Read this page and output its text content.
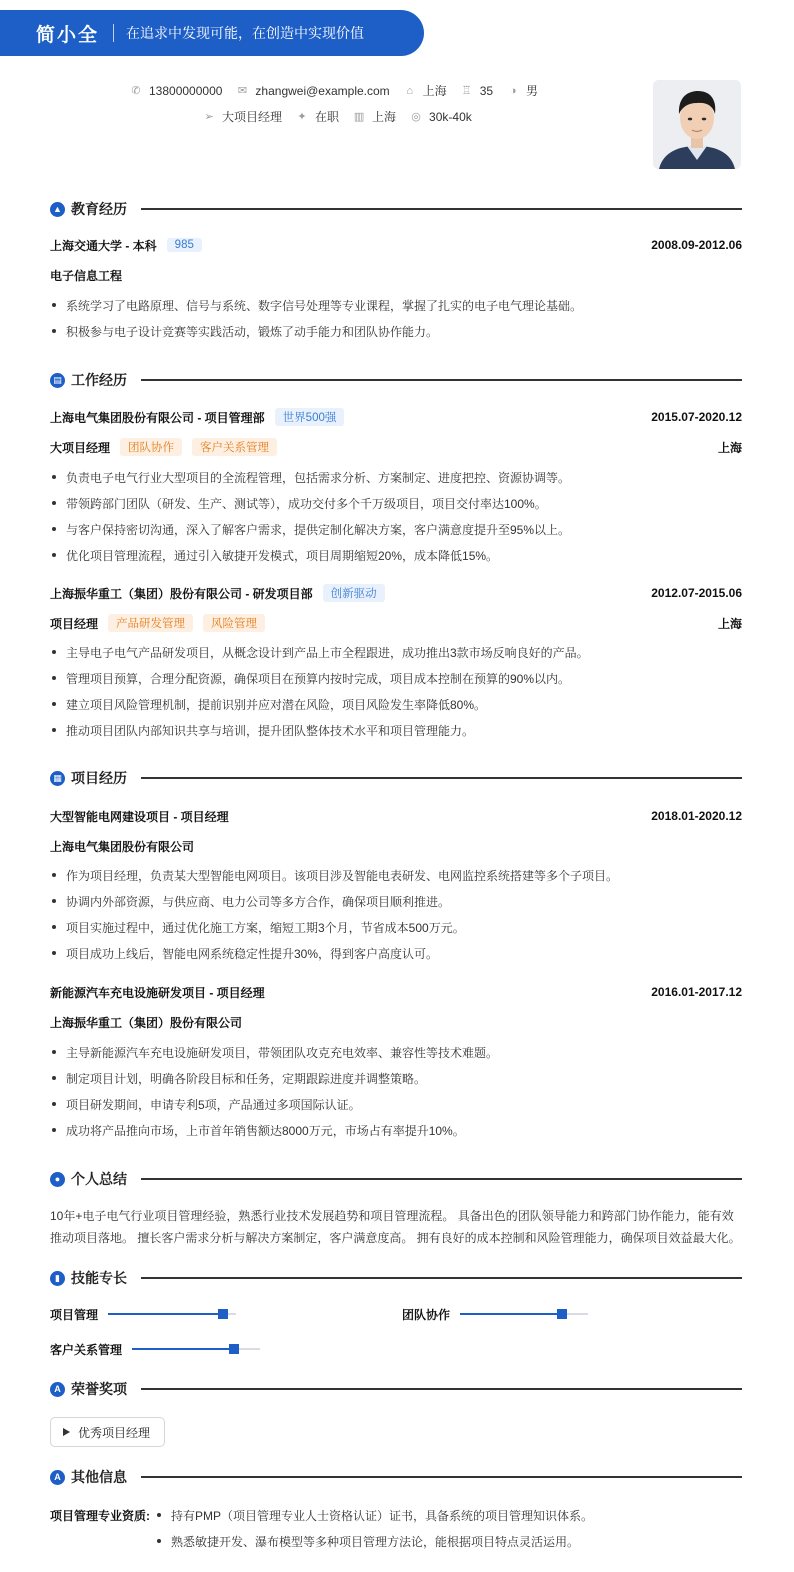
简小全 在追求中发现可能，在创造中实现价值
✆ 13800000000 ✉ zhangwei@example.com ⌂ 上海 ♖ 35 ◑ 男
➢ 大项目经理 ✦ 在职 ▥ 上海 ◎ 30k-40k
▲ 教育经历
上海交通大学 - 本科	985	2008.09-2012.06
电子信息工程
系统学习了电路原理、信号与系统、数字信号处理等专业课程，掌握了扎实的电子电气理论基础。
积极参与电子设计竞赛等实践活动，锻炼了动手能力和团队协作能力。
▤ 工作经历
上海电气集团股份有限公司 - 项目管理部	世界500强	2015.07-2020.12
大项目经理	团队协作	客户关系管理	上海
负责电子电气行业大型项目的全流程管理，包括需求分析、方案制定、进度把控、资源协调等。
带领跨部门团队（研发、生产、测试等），成功交付多个千万级项目，项目交付率达100%。
与客户保持密切沟通，深入了解客户需求，提供定制化解决方案，客户满意度提升至95%以上。
优化项目管理流程，通过引入敏捷开发模式，项目周期缩短20%，成本降低15%。
上海振华重工（集团）股份有限公司 - 研发项目部	创新驱动	2012.07-2015.06
项目经理	产品研发管理	风险管理	上海
主导电子电气产品研发项目，从概念设计到产品上市全程跟进，成功推出3款市场反响良好的产品。
管理项目预算，合理分配资源，确保项目在预算内按时完成，项目成本控制在预算的90%以内。
建立项目风险管理机制，提前识别并应对潜在风险，项目风险发生率降低80%。
推动项目团队内部知识共享与培训，提升团队整体技术水平和项目管理能力。
▦ 项目经历
大型智能电网建设项目 - 项目经理	2018.01-2020.12
上海电气集团股份有限公司
作为项目经理，负责某大型智能电网项目。该项目涉及智能电表研发、电网监控系统搭建等多个子项目。
协调内外部资源，与供应商、电力公司等多方合作，确保项目顺利推进。
项目实施过程中，通过优化施工方案，缩短工期3个月，节省成本500万元。
项目成功上线后，智能电网系统稳定性提升30%，得到客户高度认可。
新能源汽车充电设施研发项目 - 项目经理	2016.01-2017.12
上海振华重工（集团）股份有限公司
主导新能源汽车充电设施研发项目，带领团队攻克充电效率、兼容性等技术难题。
制定项目计划，明确各阶段目标和任务，定期跟踪进度并调整策略。
项目研发期间，申请专利5项，产品通过多项国际认证。
成功将产品推向市场，上市首年销售额达8000万元，市场占有率提升10%。
● 个人总结
10年+电子电气行业项目管理经验，熟悉行业技术发展趋势和项目管理流程。 具备出色的团队领导能力和跨部门协作能力，能有效
推动项目落地。 擅长客户需求分析与解决方案制定，客户满意度高。 拥有良好的成本控制和风险管理能力，确保项目效益最大化。
▮ 技能专长
项目管理	团队协作
客户关系管理
A 荣誉奖项
优秀项目经理
A 其他信息
项目管理专业资质: 持有PMP（项目管理专业人士资格认证）证书，具备系统的项目管理知识体系。
熟悉敏捷开发、瀑布模型等多种项目管理方法论，能根据项目特点灵活运用。
